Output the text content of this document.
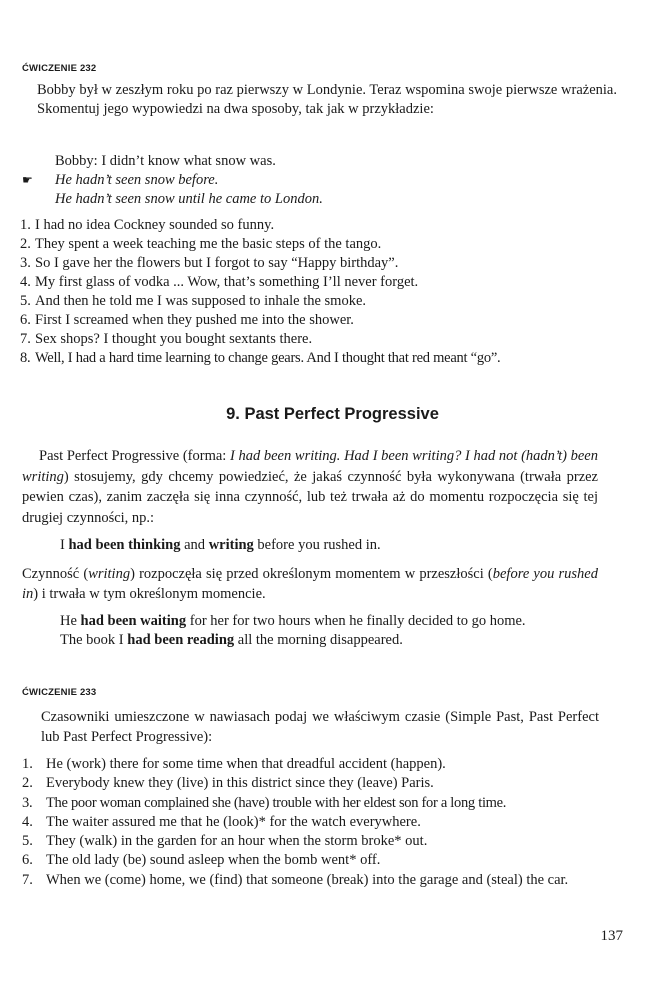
ĆWICZENIE 232
Bobby był w zeszłym roku po raz pierwszy w Londynie. Teraz wspomina swoje pierwsze wrażenia. Skomentuj jego wypowiedzi na dwa sposoby, tak jak w przykładzie:
Bobby: I didn’t know what snow was.
☛ He hadn’t seen snow before.
He hadn’t seen snow until he came to London.
1. I had no idea Cockney sounded so funny.
2. They spent a week teaching me the basic steps of the tango.
3. So I gave her the flowers but I forgot to say “Happy birthday”.
4. My first glass of vodka ... Wow, that’s something I’ll never forget.
5. And then he told me I was supposed to inhale the smoke.
6. First I screamed when they pushed me into the shower.
7. Sex shops? I thought you bought sextants there.
8. Well, I had a hard time learning to change gears. And I thought that red meant “go”.
9. Past Perfect Progressive
Past Perfect Progressive (forma: I had been writing. Had I been writing? I had not (hadn’t) been writing) stosujemy, gdy chcemy powiedzieć, że jakaś czynność była wykonywana (trwała przez pewien czas), zanim zaczęła się inna czynność, lub też trwała aż do momentu rozpoczęcia się tej drugiej czynności, np.:
I had been thinking and writing before you rushed in.
Czynność (writing) rozpoczęła się przed określonym momentem w przeszłości (before you rushed in) i trwała w tym określonym momencie.
He had been waiting for her for two hours when he finally decided to go home.
The book I had been reading all the morning disappeared.
ĆWICZENIE 233
Czasowniki umieszczone w nawiasach podaj we właściwym czasie (Simple Past, Past Perfect lub Past Perfect Progressive):
1. He (work) there for some time when that dreadful accident (happen).
2. Everybody knew they (live) in this district since they (leave) Paris.
3. The poor woman complained she (have) trouble with her eldest son for a long time.
4. The waiter assured me that he (look)* for the watch everywhere.
5. They (walk) in the garden for an hour when the storm broke* out.
6. The old lady (be) sound asleep when the bomb went* off.
7. When we (come) home, we (find) that someone (break) into the garage and (steal) the car.
137
